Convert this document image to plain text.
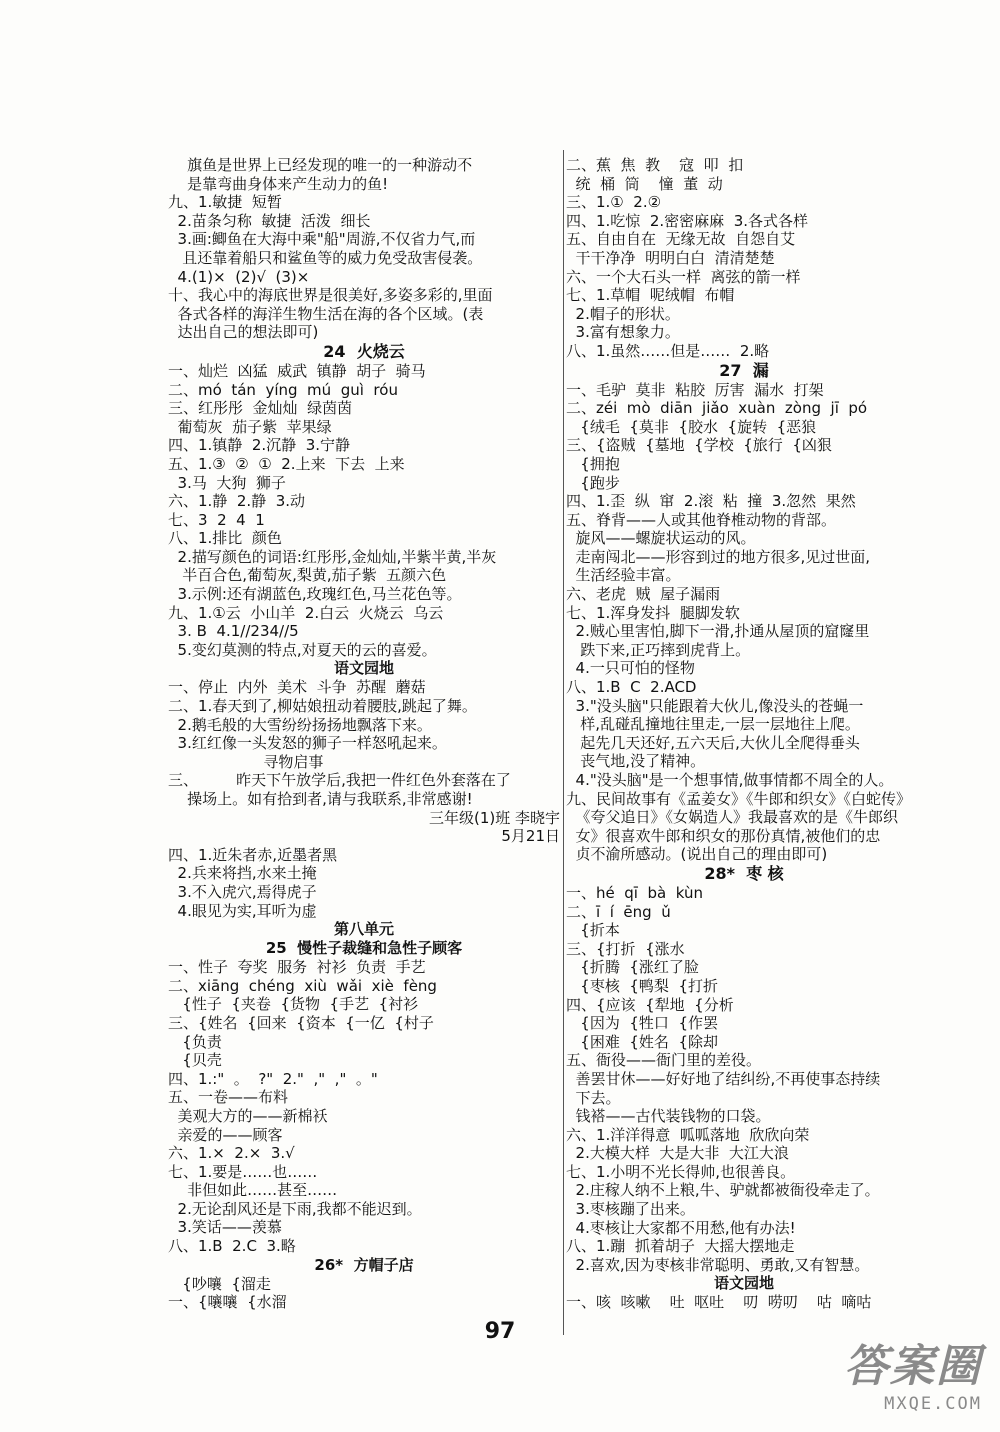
旗鱼是世界上已经发现的唯一的一种游动不
是靠弯曲身体来产生动力的鱼!
九、1.敏捷  短暂
2.苗条匀称  敏捷  活泼  细长
3.画:鲫鱼在大海中乘"船"周游,不仅省力气,而
且还靠着船只和鲨鱼等的威力免受敌害侵袭。
4.(1)×  (2)√  (3)×
十、我心中的海底世界是很美好,多姿多彩的,里面
各式各样的海洋生物生活在海的各个区域。(表
达出自己的想法即可)
24  火烧云
一、灿烂  凶猛  威武  镇静  胡子  骑马
二、mó  tán  yíng  mú  guì  róu
三、红彤彤  金灿灿  绿茵茵
葡萄灰  茄子紫  苹果绿
四、1.镇静  2.沉静  3.宁静
五、1.③  ②  ①  2.上来  下去  上来
3.马  大狗  狮子
六、1.静  2.静  3.动
七、3  2  4  1
八、1.排比  颜色
2.描写颜色的词语:红彤彤,金灿灿,半紫半黄,半灰
半百合色,葡萄灰,梨黄,茄子紫  五颜六色
3.示例:还有湖蓝色,玫瑰红色,马兰花色等。
九、1.①云  小山羊  2.白云  火烧云  乌云
3. B  4.1//234//5
5.变幻莫测的特点,对夏天的云的喜爱。
语文园地
一、停止  内外  美术  斗争  苏醒  蘑菇
二、1.春天到了,柳姑娘扭动着腰肢,跳起了舞。
2.鹅毛般的大雪纷纷扬扬地飘落下来。
3.红红像一头发怒的狮子一样怒吼起来。
寻物启事
三、        昨天下午放学后,我把一件红色外套落在了
操场上。如有拾到者,请与我联系,非常感谢!
三年级(1)班 李晓宇
5月21日
四、1.近朱者赤,近墨者黑
2.兵来将挡,水来土掩
3.不入虎穴,焉得虎子
4.眼见为实,耳听为虚
第八单元
25  慢性子裁缝和急性子顾客
一、性子  夸奖  服务  衬衫  负责  手艺
二、xiāng  chéng  xiù  wǎi  xiè  fèng
{性子  {夹卷  {货物  {手艺  {衬衫
三、{姓名  {回来  {资本  {一亿  {村子
{负责
{贝壳
四、1.:"  。  ?"  2."  ,"  ,"  。"
五、一卷——布料
美观大方的——新棉袄
亲爱的——顾客
六、1.×  2.×  3.√
七、1.要是……也……
非但如此……甚至……
2.无论刮风还是下雨,我都不能迟到。
3.笑话——羡慕
八、1.B  2.C  3.略
26*  方帽子店
{吵嚷  {溜走
一、{嚷嚷  {水溜
二、蕉  焦  教    寇  叩  扣
统  桶  筒    憧  董  动
三、1.①  2.②
四、1.吃惊  2.密密麻麻  3.各式各样
五、自由自在  无缘无故  自怨自艾
干干净净  明明白白  清清楚楚
六、一个大石头一样  离弦的箭一样
七、1.草帽  呢绒帽  布帽
2.帽子的形状。
3.富有想象力。
八、1.虽然……但是……  2.略
27  漏
一、毛驴  莫非  粘胶  厉害  漏水  打架
二、zéi  mò  diān  jiǎo  xuàn  zòng  jī  pó
{绒毛  {莫非  {胶水  {旋转  {恶狼
三、{盗贼  {墓地  {学校  {旅行  {凶狠
{拥抱
{跑步
四、1.歪  纵  窜  2.滚  粘  撞  3.忽然  果然
五、脊背——人或其他脊椎动物的背部。
旋风——螺旋状运动的风。
走南闯北——形容到过的地方很多,见过世面,
生活经验丰富。
六、老虎  贼  屋子漏雨
七、1.浑身发抖  腿脚发软
2.贼心里害怕,脚下一滑,扑通从屋顶的窟窿里
跌下来,正巧摔到虎背上。
4.一只可怕的怪物
八、1.B  C  2.ACD
3."没头脑"只能跟着大伙儿,像没头的苍蝇一
样,乱碰乱撞地往里走,一层一层地往上爬。
起先几天还好,五六天后,大伙儿全爬得垂头
丧气地,没了精神。
4."没头脑"是一个想事情,做事情都不周全的人。
九、民间故事有《孟姜女》《牛郎和织女》《白蛇传》
《夸父追日》《女娲造人》我最喜欢的是《牛郎织
女》很喜欢牛郎和织女的那份真情,被他们的忠
贞不渝所感动。(说出自己的理由即可)
28*  枣 核
一、hé  qī  bà  kùn
二、ī  í  ēng  ǔ
{折本
三、{打折  {涨水
{折腾  {涨红了脸
{枣核  {鸭梨  {打折
四、{应该  {犁地  {分析
{因为  {牲口  {作罢
{困难  {姓名  {除却
五、衙役——衙门里的差役。
善罢甘休——好好地了结纠纷,不再使事态持续
下去。
钱褡——古代装钱物的口袋。
六、1.洋洋得意  呱呱落地  欣欣向荣
2.大模大样  大是大非  大江大浪
七、1.小明不光长得帅,也很善良。
2.庄稼人纳不上粮,牛、驴就都被衙役牵走了。
3.枣核蹦了出来。
4.枣核让大家都不用愁,他有办法!
八、1.蹦  抓着胡子  大摇大摆地走
2.喜欢,因为枣核非常聪明、勇敢,又有智慧。
语文园地
一、咳  咳嗽    吐  呕吐    叨  唠叨    咕  嘀咕
97
答案圈
MXQE.COM
